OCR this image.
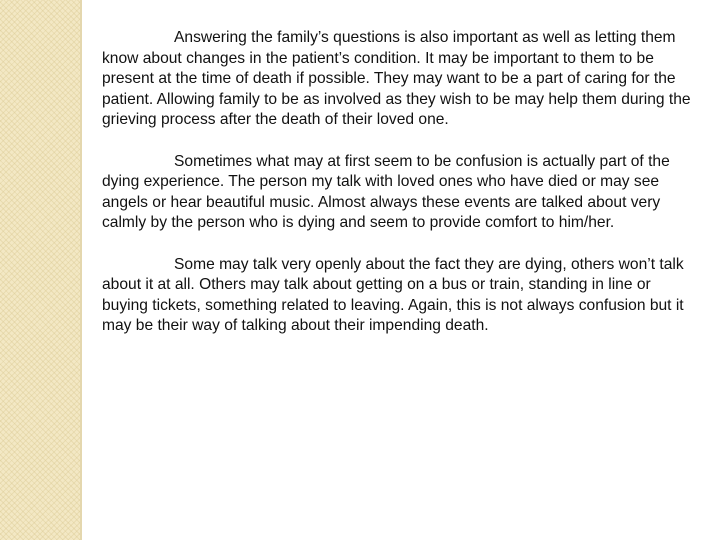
Answering the family’s questions is also important as well as letting them know about changes in the patient’s condition. It may be important to them to be present at the time of death if possible. They may want to be a part of caring for the patient. Allowing family to be as involved as they wish to be may help them during the grieving process after the death of their loved one.

Sometimes what may at first seem to be confusion is actually part of the dying experience. The person my talk with loved ones who have died or may see angels or hear beautiful music. Almost always these events are talked about very calmly by the person who is dying and seem to provide comfort to him/her.

Some may talk very openly about the fact they are dying, others won’t talk about it at all. Others may talk about getting on a bus or train, standing in line or buying tickets, something related to leaving. Again, this is not always confusion but it may be their way of talking about their impending death.
